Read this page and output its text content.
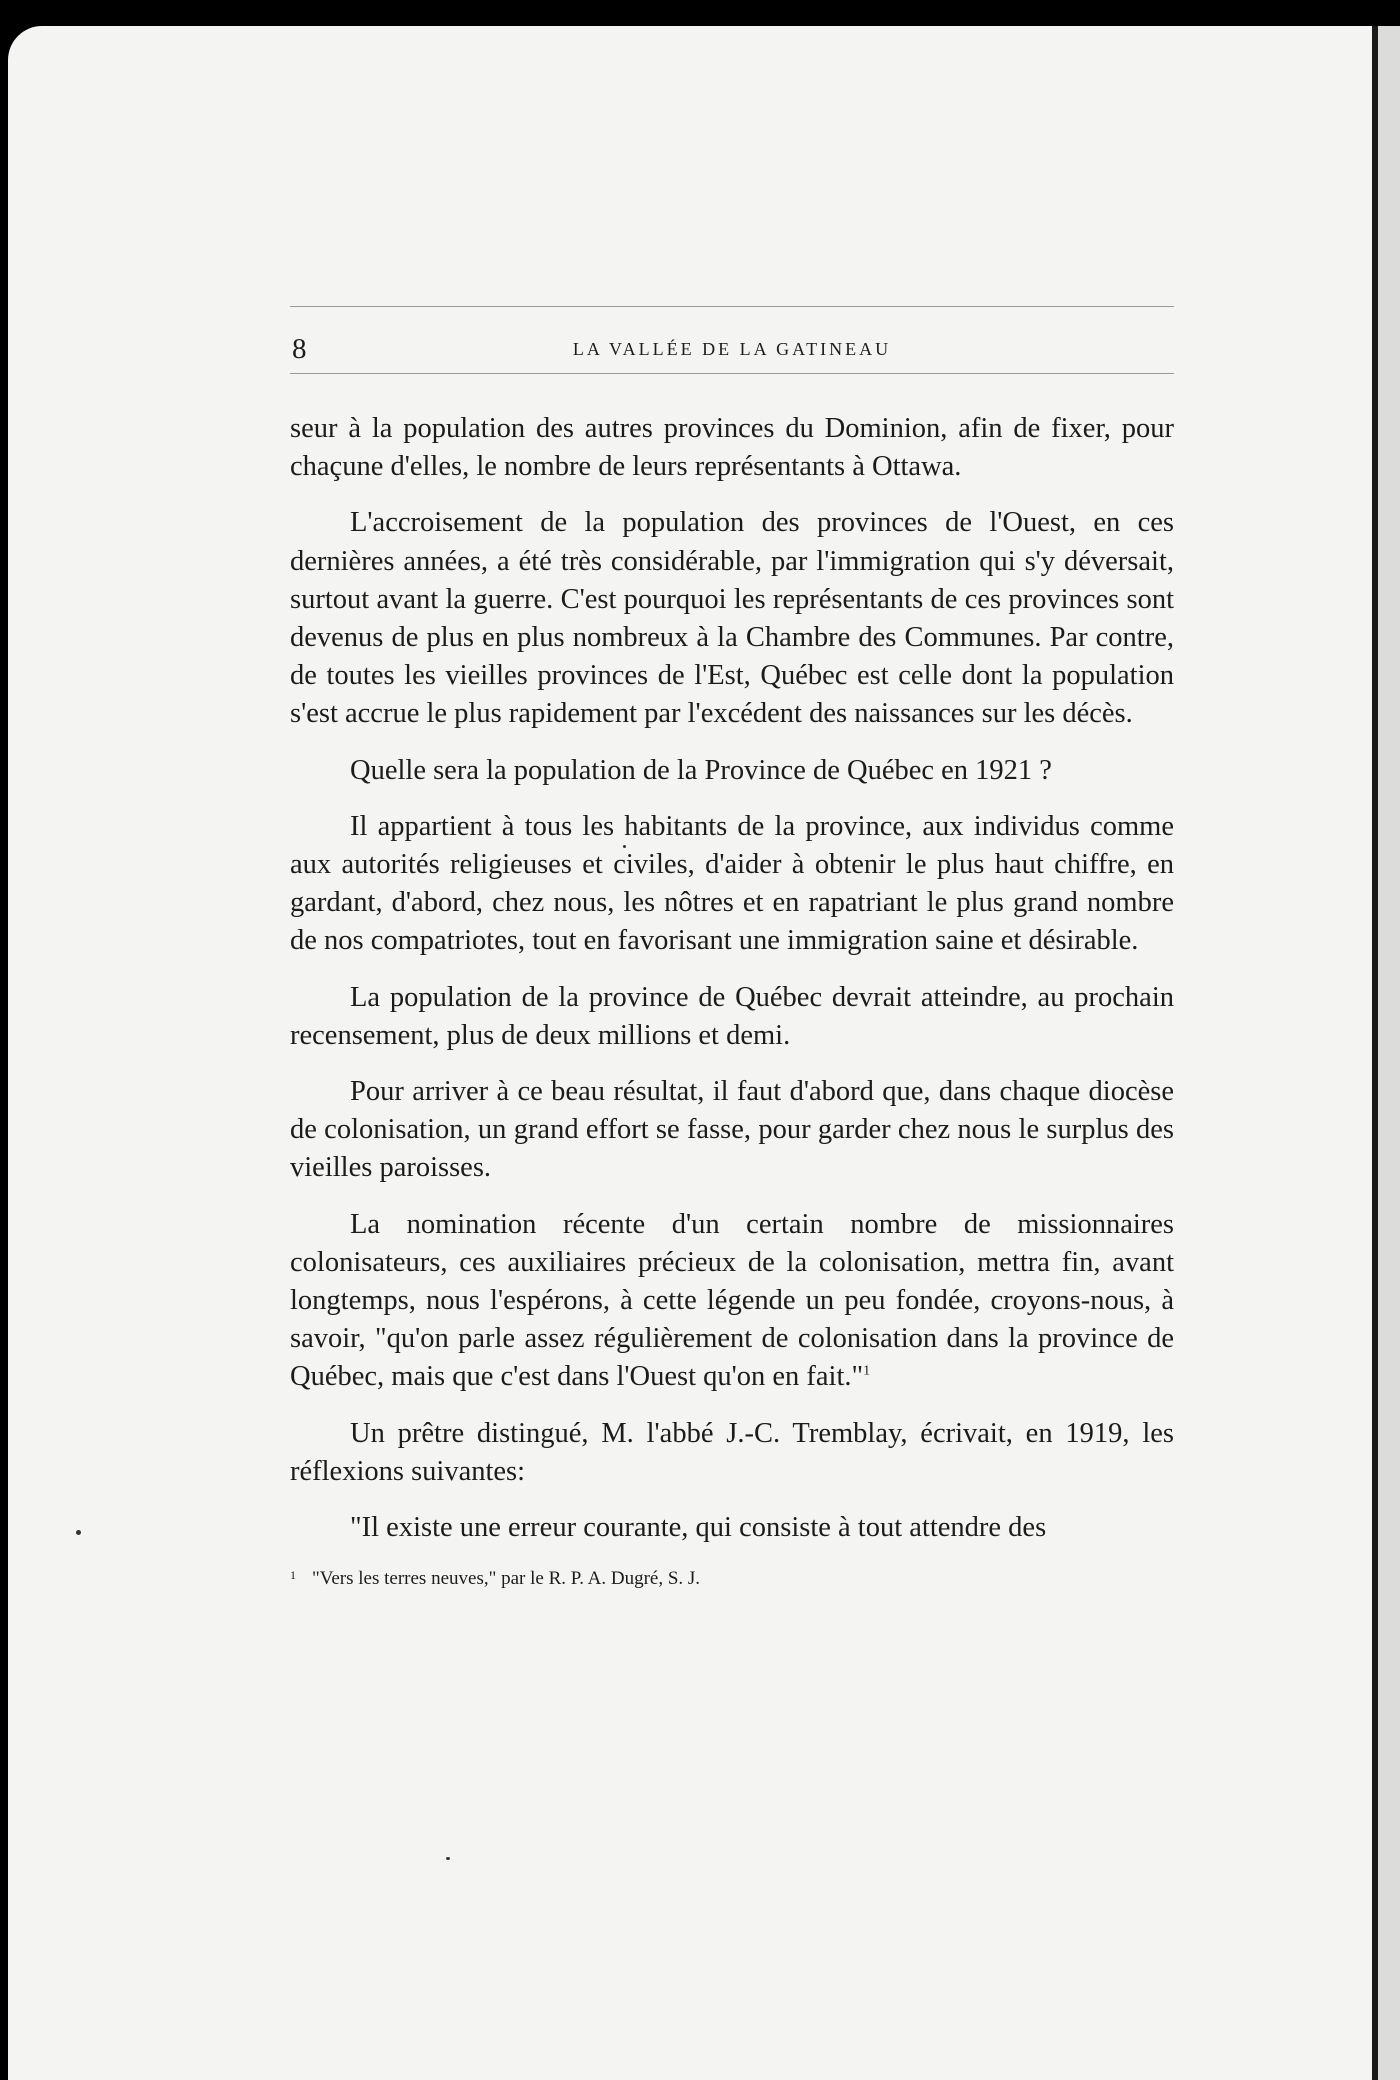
8	LA VALLÉE DE LA GATINEAU

seur à la population des autres provinces du Dominion, afin de fixer, pour chaçune d'elles, le nombre de leurs représentants à Ottawa.

L'accroisement de la population des provinces de l'Ouest, en ces dernières années, a été très considérable, par l'immigration qui s'y déversait, surtout avant la guerre. C'est pourquoi les représentants de ces provinces sont devenus de plus en plus nombreux à la Chambre des Communes. Par contre, de toutes les vieilles provinces de l'Est, Québec est celle dont la population s'est accrue le plus rapidement par l'excédent des naissances sur les décès.

Quelle sera la population de la Province de Québec en 1921 ?

Il appartient à tous les habitants de la province, aux individus comme aux autorités religieuses et civiles, d'aider à obtenir le plus haut chiffre, en gardant, d'abord, chez nous, les nôtres et en rapatriant le plus grand nombre de nos compatriotes, tout en favorisant une immigration saine et désirable.

La population de la province de Québec devrait atteindre, au prochain recensement, plus de deux millions et demi.

Pour arriver à ce beau résultat, il faut d'abord que, dans chaque diocèse de colonisation, un grand effort se fasse, pour garder chez nous le surplus des vieilles paroisses.

La nomination récente d'un certain nombre de missionnaires colonisateurs, ces auxiliaires précieux de la colonisation, mettra fin, avant longtemps, nous l'espérons, à cette légende un peu fondée, croyons-nous, à savoir, "qu'on parle assez régulièrement de colonisation dans la province de Québec, mais que c'est dans l'Ouest qu'on en fait."$^1$

Un prêtre distingué, M. l'abbé J.-C. Tremblay, écrivait, en 1919, les réflexions suivantes:

"Il existe une erreur courante, qui consiste à tout attendre des

1 "Vers les terres neuves," par le R. P. A. Dugré, S. J.
